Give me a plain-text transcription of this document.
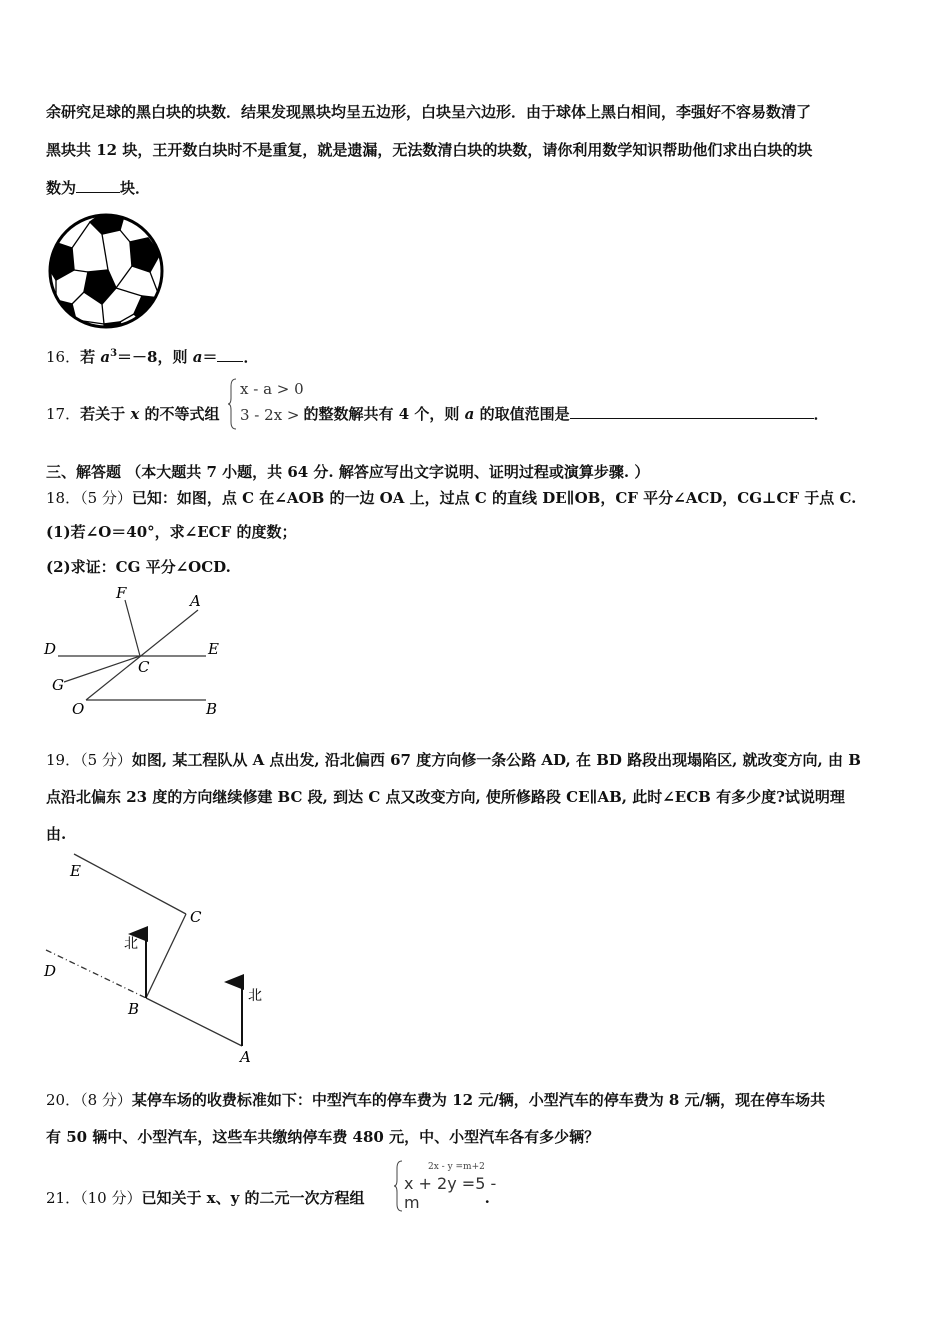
余研究足球的黑白块的块数．结果发现黑块均呈五边形，白块呈六边形．由于球体上黑白相间，李强好不容易数清了
黑块共 12 块，王开数白块时不是重复，就是遗漏，无法数清白块的块数，请你利用数学知识帮助他们求出白块的块
数为	块．
16．若 $a^3=-8$，则 a＝ ．
17．若关于 x 的不等式组	的整数解共有 4 个，则 a 的取值范围是	．
x - a > 0
3 - 2x > 1
三、解答题 （本大题共 7 小题，共 64 分. 解答应写出文字说明、证明过程或演算步骤. ）
18．（5 分）已知：如图，点 C 在∠AOB 的一边 OA 上，过点 C 的直线 DE∥OB，CF 平分∠ACD，CG⊥CF 于点 C.
(1)若∠O＝40°，求∠ECF 的度数；
(2)求证：CG 平分∠OCD.
F	A
D	E
C
G
O	B
19．（5 分）如图, 某工程队从 A 点出发, 沿北偏西 67 度方向修一条公路 AD, 在 BD 路段出现塌陷区, 就改变方向, 由 B
点沿北偏东 23 度的方向继续修建 BC 段, 到达 C 点又改变方向, 使所修路段 CE∥AB, 此时∠ECB 有多少度?试说明理
由.
E
C
D
B
A
北
北
20．（8 分）某停车场的收费标准如下：中型汽车的停车费为 12 元/辆，小型汽车的停车费为 8 元/辆，现在停车场共
有 50 辆中、小型汽车，这些车共缴纳停车费 480 元，中、小型汽车各有多少辆？
21．（10 分）已知关于 x、y 的二元一次方程组	.
2x - y =m+2
x + 2y =5 - m
